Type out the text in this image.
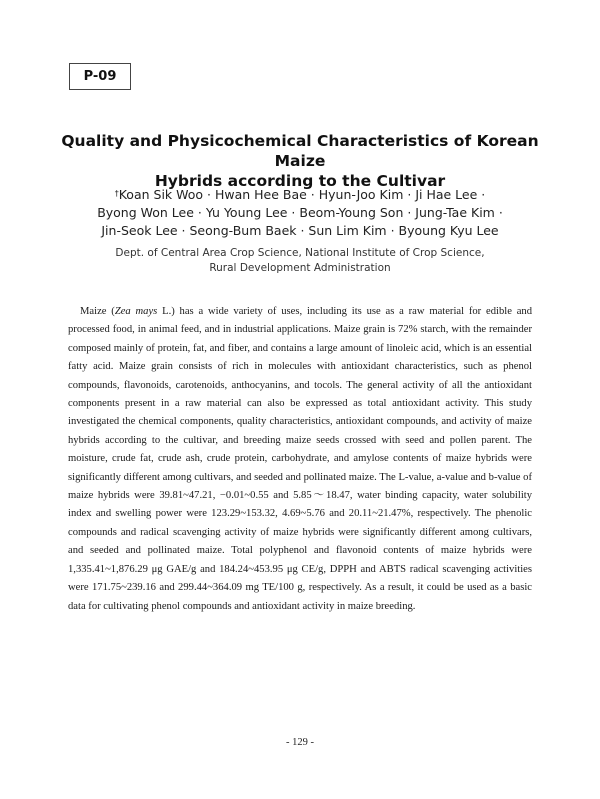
P-09
Quality and Physicochemical Characteristics of Korean Maize
Hybrids according to the Cultivar
†Koan Sik Woo · Hwan Hee Bae · Hyun-Joo Kim · Ji Hae Lee ·
Byong Won Lee · Yu Young Lee · Beom-Young Son · Jung-Tae Kim ·
Jin-Seok Lee · Seong-Bum Baek · Sun Lim Kim · Byoung Kyu Lee
Dept. of Central Area Crop Science, National Institute of Crop Science,
Rural Development Administration

Maize (Zea mays L.) has a wide variety of uses, including its use as a raw material for edible and processed food, in animal feed, and in industrial applications. Maize grain is 72% starch, with the remainder composed mainly of protein, fat, and fiber, and contains a large amount of linoleic acid, which is an essential fatty acid. Maize grain consists of rich in molecules with antioxidant characteristics, such as phenol compounds, flavonoids, carotenoids, anthocyanins, and tocols. The general activity of all the antioxidant components present in a raw material can also be expressed as total antioxidant activity. This study investigated the chemical components, quality characteristics, antioxidant compounds, and activity of maize hybrids according to the cultivar, and breeding maize seeds crossed with seed and pollen parent. The moisture, crude fat, crude ash, crude protein, carbohydrate, and amylose contents of maize hybrids were significantly different among cultivars, and seeded and pollinated maize. The L-value, a-value and b-value of maize hybrids were 39.81~47.21, −0.01~0.55 and 5.85～18.47, water binding capacity, water solubility index and swelling power were 123.29~153.32, 4.69~5.76 and 20.11~21.47%, respectively. The phenolic compounds and radical scavenging activity of maize hybrids were significantly different among cultivars, and seeded and pollinated maize. Total polyphenol and flavonoid contents of maize hybrids were 1,335.41~1,876.29 μg GAE/g and 184.24~453.95 μg CE/g, DPPH and ABTS radical scavenging activities were 171.75~239.16 and 299.44~364.09 mg TE/100 g, respectively. As a result, it could be used as a basic data for cultivating phenol compounds and antioxidant activity in maize breeding.

- 129 -
